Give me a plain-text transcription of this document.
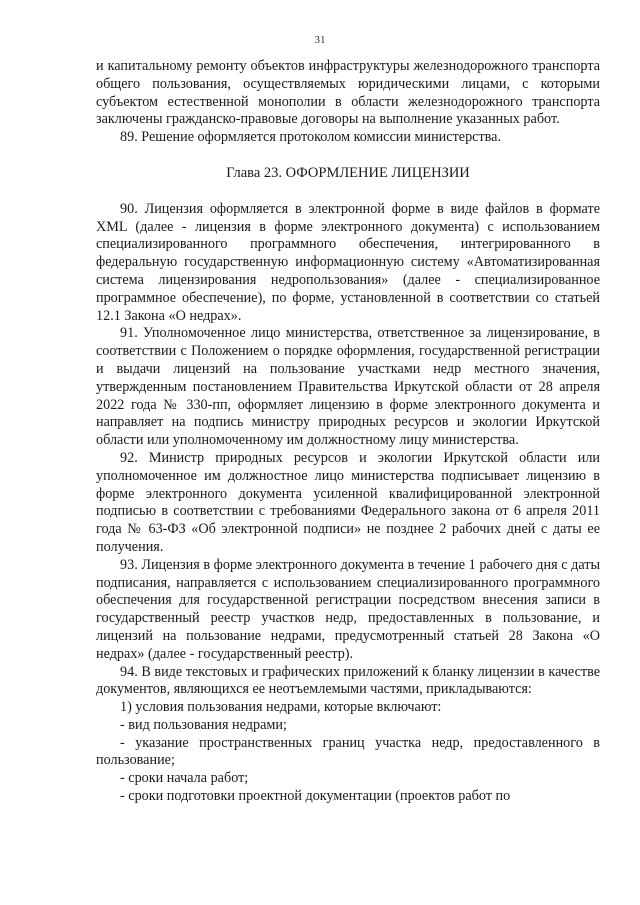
31

и капитальному ремонту объектов инфраструктуры железнодорожного транспорта общего пользования, осуществляемых юридическими лицами, с которыми субъектом естественной монополии в области железнодорожного транспорта заключены гражданско-правовые договоры на выполнение указанных работ.

89. Решение оформляется протоколом комиссии министерства.

Глава 23. ОФОРМЛЕНИЕ ЛИЦЕНЗИИ

90. Лицензия оформляется в электронной форме в виде файлов в формате XML (далее - лицензия в форме электронного документа) с использованием специализированного программного обеспечения, интегрированного в федеральную государственную информационную систему «Автоматизированная система лицензирования недропользования» (далее - специализированное программное обеспечение), по форме, установленной в соответствии со статьей 12.1 Закона «О недрах».

91. Уполномоченное лицо министерства, ответственное за лицензирование, в соответствии с Положением о порядке оформления, государственной регистрации и выдачи лицензий на пользование участками недр местного значения, утвержденным постановлением Правительства Иркутской области от 28 апреля 2022 года № 330-пп, оформляет лицензию в форме электронного документа и направляет на подпись министру природных ресурсов и экологии Иркутской области или уполномоченному им должностному лицу министерства.

92. Министр природных ресурсов и экологии Иркутской области или уполномоченное им должностное лицо министерства подписывает лицензию в форме электронного документа усиленной квалифицированной электронной подписью в соответствии с требованиями Федерального закона от 6 апреля 2011 года № 63-ФЗ «Об электронной подписи» не позднее 2 рабочих дней с даты ее получения.

93. Лицензия в форме электронного документа в течение 1 рабочего дня с даты подписания, направляется с использованием специализированного программного обеспечения для государственной регистрации посредством внесения записи в государственный реестр участков недр, предоставленных в пользование, и лицензий на пользование недрами, предусмотренный статьей 28 Закона «О недрах» (далее - государственный реестр).

94. В виде текстовых и графических приложений к бланку лицензии в качестве документов, являющихся ее неотъемлемыми частями, прикладываются:

1) условия пользования недрами, которые включают:

- вид пользования недрами;

- указание пространственных границ участка недр, предоставленного в пользование;

- сроки начала работ;

- сроки подготовки проектной документации (проектов работ по
